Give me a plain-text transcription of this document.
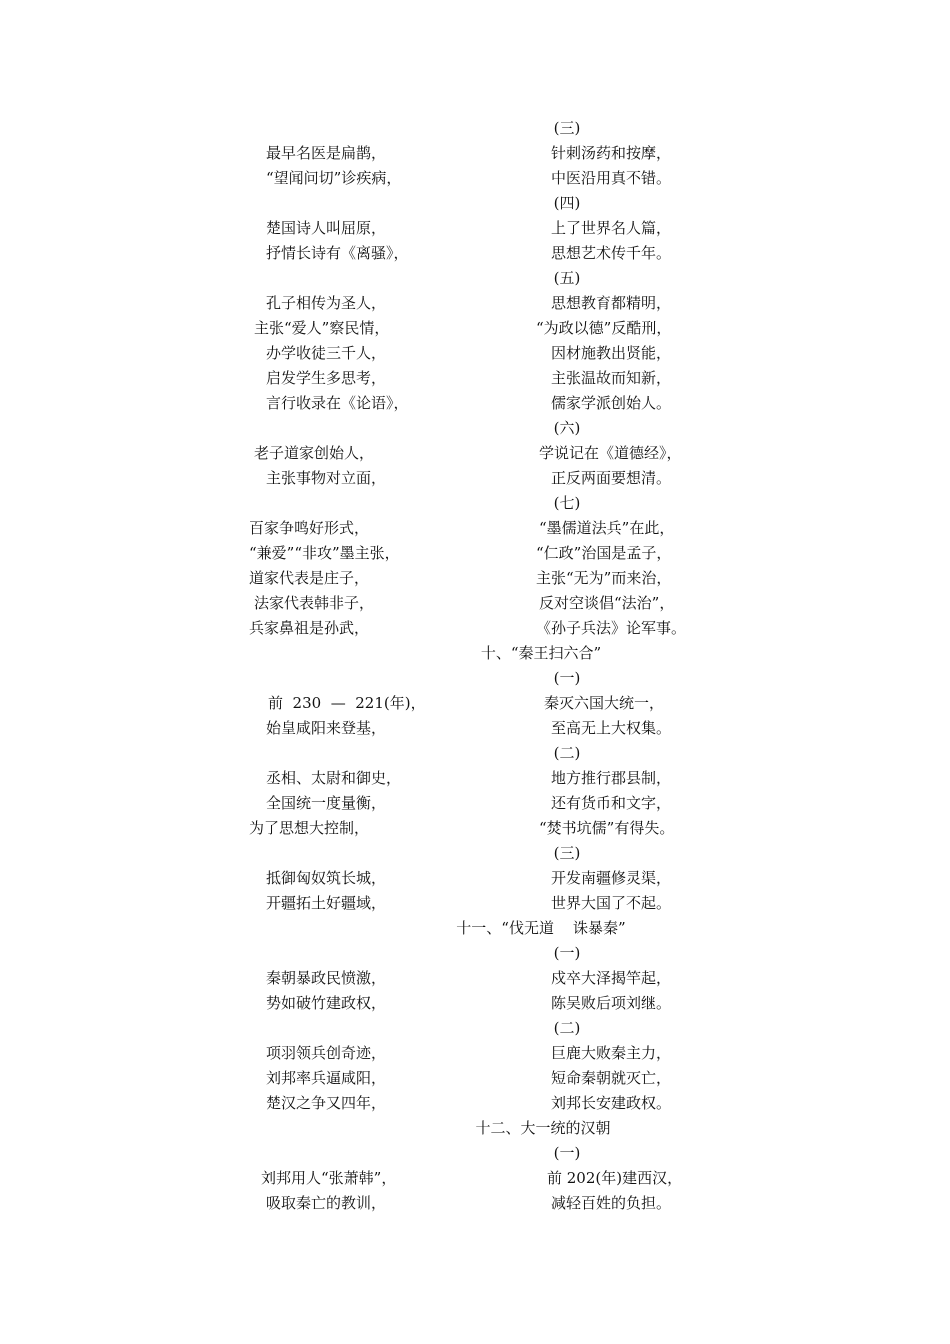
(三)
最早名医是扁鹊，	针刺汤药和按摩，
“望闻问切”诊疾病，	中医沿用真不错。
(四)
楚国诗人叫屈原，	上了世界名人篇，
抒情长诗有《离骚》，	思想艺术传千年。
(五)
孔子相传为圣人，	思想教育都精明，
主张“爱人”察民情，	“为政以德”反酷刑，
办学收徒三千人，	因材施教出贤能，
启发学生多思考，	主张温故而知新，
言行收录在《论语》，	儒家学派创始人。
(六)
老子道家创始人，	学说记在《道德经》，
主张事物对立面，	正反两面要想清。
(七)
百家争鸣好形式，	“墨儒道法兵”在此，
“兼爱”“非攻”墨主张，	“仁政”治国是孟子，
道家代表是庄子，	主张“无为”而来治，
法家代表韩非子，	反对空谈倡“法治”，
兵家鼻祖是孙武，	《孙子兵法》论军事。
十、“秦王扫六合”
(一)
前  230  —  221(年)，	秦灭六国大统一，
始皇咸阳来登基，	至高无上大权集。
(二)
丞相、太尉和御史，	地方推行郡县制，
全国统一度量衡，	还有货币和文字，
为了思想大控制，	“焚书坑儒”有得失。
(三)
抵御匈奴筑长城，	开发南疆修灵渠，
开疆拓土好疆域，	世界大国了不起。
十一、“伐无道    诛暴秦”
(一)
秦朝暴政民愤激，	戍卒大泽揭竿起，
势如破竹建政权，	陈吴败后项刘继。
(二)
项羽领兵创奇迹，	巨鹿大败秦主力，
刘邦率兵逼咸阳，	短命秦朝就灭亡，
楚汉之争又四年，	刘邦长安建政权。
十二、大一统的汉朝
(一)
刘邦用人“张萧韩”，	前 202(年)建西汉，
吸取秦亡的教训，	减轻百姓的负担。
